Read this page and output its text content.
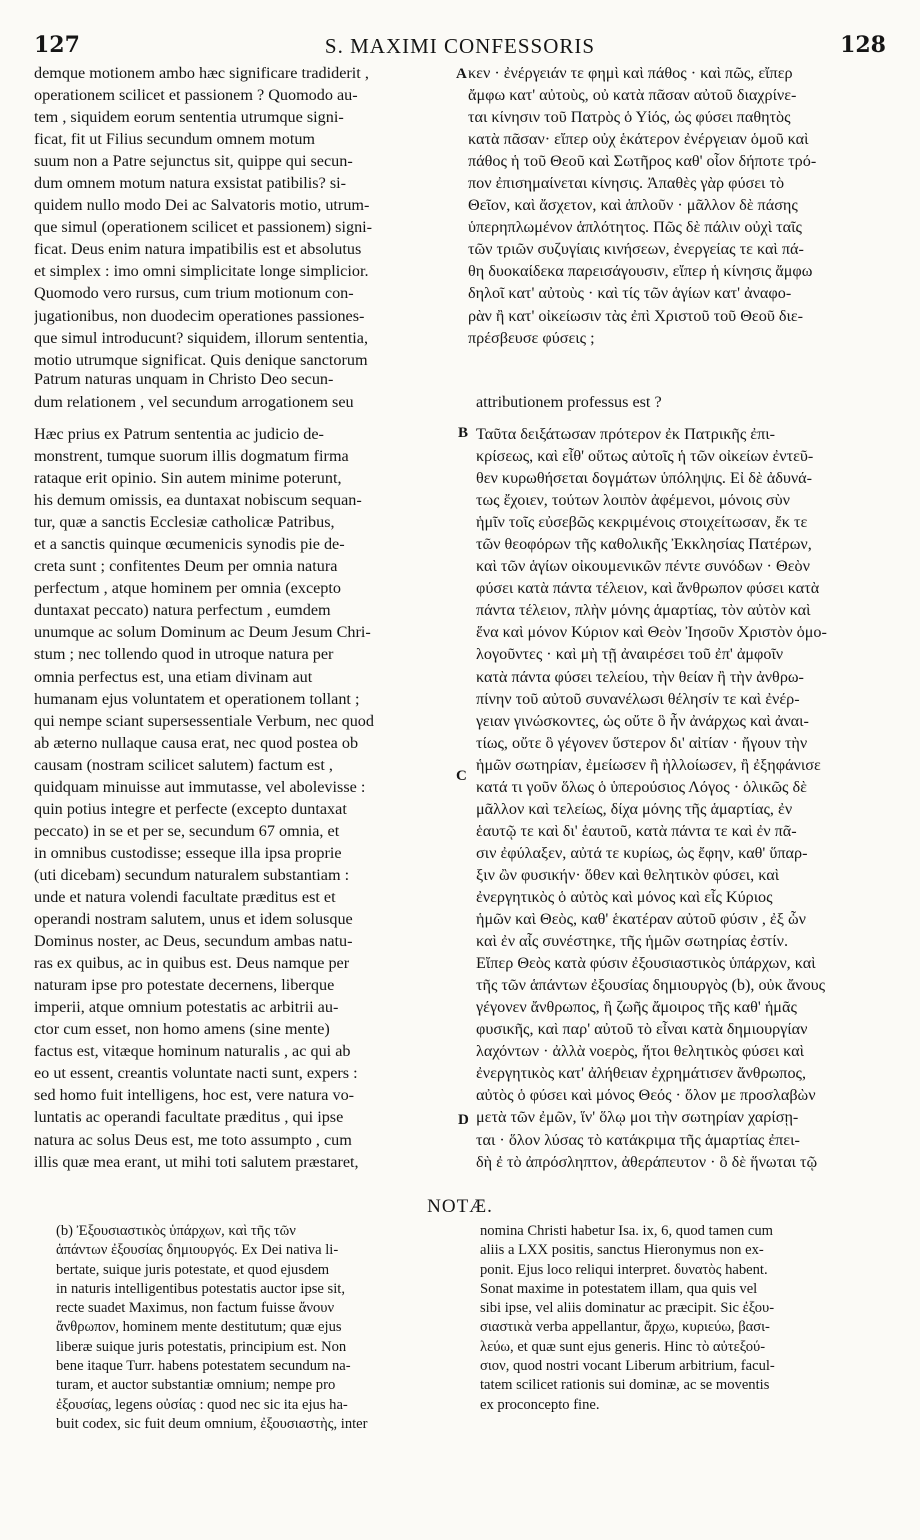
127	S. MAXIMI CONFESSORIS	128
demque motionem ambo hæc significare tradiderit ,
operationem scilicet et passionem ? Quomodo au-
tem , siquidem eorum sententia utrumque signi-
ficat, fit ut Filius secundum omnem motum
suum non a Patre sejunctus sit, quippe qui secun-
dum omnem motum natura exsistat patibilis? si-
quidem nullo modo Dei ac Salvatoris motio, utrum-
que simul (operationem scilicet et passionem) signi-
ficat. Deus enim natura impatibilis est et absolutus
et simplex : imo omni simplicitate longe simplicior.
Quomodo vero rursus, cum trium motionum con-
jugationibus, non duodecim operationes passiones-
que simul introducunt? siquidem, illorum sententia,
motio utrumque significat. Quis denique sanctorum
κεν · ἐνέργειάν τε φημὶ καὶ πάθος · καὶ πῶς, εἴπερ
ἄμφω κατ' αὐτοὺς, οὐ κατὰ πᾶσαν αὐτοῦ διαχρίνε-
ται κίνησιν τοῦ Πατρὸς ὁ Υἱός, ὡς φύσει παθητὸς
κατὰ πᾶσαν· εἴπερ οὐχ ἑκάτερον ἐνέργειαν ὁμοῦ καὶ
πάθος ἡ τοῦ Θεοῦ καὶ Σωτῆρος καθ' οἷον δήποτε τρό-
πον ἐπισημαίνεται κίνησις. Ἀπαθὲς γὰρ φύσει τὸ
Θεῖον, καὶ ἄσχετον, καὶ ἁπλοῦν · μᾶλλον δὲ πάσης
ὑπερηπλωμένον ἁπλότητος. Πῶς δὲ πάλιν οὐχὶ ταῖς
τῶν τριῶν συζυγίαις κινήσεων, ἐνεργείας τε καὶ πά-
θη δυοκαίδεκα παρεισάγουσιν, εἴπερ ἡ κίνησις ἄμφω
δηλοῖ κατ' αὐτοὺς · καὶ τίς τῶν ἁγίων κατ' ἀναφο-
ρὰν ἢ κατ' οἰκείωσιν τὰς ἐπὶ Χριστοῦ τοῦ Θεοῦ διε-
πρέσβευσε φύσεις ;
A
Patrum naturas unquam in Christo Deo secun-
dum relationem , vel secundum arrogationem seu	attributionem professus est ?
B
C
D
Hæc prius ex Patrum sententia ac judicio de-
monstrent, tumque suorum illis dogmatum firma
rataque erit opinio. Sin autem minime poterunt,
his demum omissis, ea duntaxat nobiscum sequan-
tur, quæ a sanctis Ecclesiæ catholicæ Patribus,
et a sanctis quinque œcumenicis synodis pie de-
creta sunt ; confitentes Deum per omnia natura
perfectum , atque hominem per omnia (excepto
duntaxat peccato) natura perfectum , eumdem
unumque ac solum Dominum ac Deum Jesum Chri-
stum ; nec tollendo quod in utroque natura per
omnia perfectus est, una etiam divinam aut
humanam ejus voluntatem et operationem tollant ;
qui nempe sciant supersessentiale Verbum, nec quod
ab æterno nullaque causa erat, nec quod postea ob
causam (nostram scilicet salutem) factum est ,
quidquam minuisse aut immutasse, vel abolevisse :
quin potius integre et perfecte (excepto duntaxat
peccato) in se et per se, secundum 67 omnia, et
in omnibus custodisse; esseque illa ipsa proprie
(uti dicebam) secundum naturalem substantiam :
unde et natura volendi facultate præditus est et
operandi nostram salutem, unus et idem solusque
Dominus noster, ac Deus, secundum ambas natu-
ras ex quibus, ac in quibus est. Deus namque per
naturam ipse pro potestate decernens, liberque
imperii, atque omnium potestatis ac arbitrii au-
ctor cum esset, non homo amens (sine mente)
factus est, vitæque hominum naturalis , ac qui ab
eo ut essent, creantis voluntate nacti sunt, expers :
sed homo fuit intelligens, hoc est, vere natura vo-
luntatis ac operandi facultate præditus , qui ipse
natura ac solus Deus est, me toto assumpto , cum
illis quæ mea erant, ut mihi toti salutem præstaret,
Ταῦτα δειξάτωσαν πρότερον ἐκ Πατρικῆς ἐπι-
κρίσεως, καὶ εἶθ' οὕτως αὐτοῖς ἡ τῶν οἰκείων ἐντεῦ-
θεν κυρωθήσεται δογμάτων ὑπόληψις. Εἰ δὲ ἀδυνά-
τως ἔχοιεν, τούτων λοιπὸν ἀφέμενοι, μόνοις σὺν
ἡμῖν τοῖς εὐσεβῶς κεκριμένοις στοιχείτωσαν, ἔκ τε
τῶν θεοφόρων τῆς καθολικῆς Ἐκκλησίας Πατέρων,
καὶ τῶν ἁγίων οἰκουμενικῶν πέντε συνόδων · Θεὸν
φύσει κατὰ πάντα τέλειον, καὶ ἄνθρωπον φύσει κατὰ
πάντα τέλειον, πλὴν μόνης ἁμαρτίας, τὸν αὐτὸν καὶ
ἕνα καὶ μόνον Κύριον καὶ Θεὸν Ἰησοῦν Χριστὸν ὁμο-
λογοῦντες · καὶ μὴ τῇ ἀναιρέσει τοῦ ἐπ' ἀμφοῖν
κατὰ πάντα φύσει τελείου, τὴν θείαν ἢ τὴν ἀνθρω-
πίνην τοῦ αὐτοῦ συνανέλωσι θέλησίν τε καὶ ἐνέρ-
γειαν γινώσκοντες, ὡς οὔτε ὃ ἦν ἀνάρχως καὶ ἀναι-
τίως, οὔτε ὃ γέγονεν ὕστερον δι' αἰτίαν · ἤγουν τὴν
ἡμῶν σωτηρίαν, ἐμείωσεν ἢ ἠλλοίωσεν, ἢ ἐξηφάνισε
κατά τι γοῦν ὅλως ὁ ὑπερούσιος Λόγος · ὁλικῶς δὲ
μᾶλλον καὶ τελείως, δίχα μόνης τῆς ἁμαρτίας, ἐν
ἑαυτῷ τε καὶ δι' ἑαυτοῦ, κατὰ πάντα τε καὶ ἐν πᾶ-
σιν ἐφύλαξεν, αὐτά τε κυρίως, ὡς ἔφην, καθ' ὕπαρ-
ξιν ὢν φυσικήν· ὅθεν καὶ θελητικὸν φύσει, καὶ
ἐνεργητικὸς ὁ αὐτὸς καὶ μόνος καὶ εἷς Κύριος
ἡμῶν καὶ Θεὸς, καθ' ἑκατέραν αὐτοῦ φύσιν , ἐξ ὧν
καὶ ἐν αἷς συνέστηκε, τῆς ἡμῶν σωτηρίας ἐστίν.
Εἴπερ Θεὸς κατὰ φύσιν ἐξουσιαστικὸς ὑπάρχων, καὶ
τῆς τῶν ἁπάντων ἐξουσίας δημιουργὸς (b), οὐκ ἄνους
γέγονεν ἄνθρωπος, ἢ ζωῆς ἄμοιρος τῆς καθ' ἡμᾶς
φυσικῆς, καὶ παρ' αὐτοῦ τὸ εἶναι κατὰ δημιουργίαν
λαχόντων · ἀλλὰ νοερὸς, ἤτοι θελητικὸς φύσει καὶ
ἐνεργητικὸς κατ' ἀλήθειαν ἐχρημάτισεν ἄνθρωπος,
αὐτὸς ὁ φύσει καὶ μόνος Θεός · ὅλον με προσλαβὼν
μετὰ τῶν ἐμῶν, ἵν' ὅλῳ μοι τὴν σωτηρίαν χαρίσῃ-
ται · ὅλον λύσας τὸ κατάκριμα τῆς ἁμαρτίας ἐπει-
δὴ ἐ τὸ ἀπρόσληπτον, ἀθεράπευτον · ὃ δὲ ἥνωται τῷ
NOTÆ.
(b) Ἐξουσιαστικὸς ὑπάρχων, καὶ τῆς τῶν
ἁπάντων ἐξουσίας δημιουργός. Ex Dei nativa li-
bertate, suique juris potestate, et quod ejusdem
in naturis intelligentibus potestatis auctor ipse sit,
recte suadet Maximus, non factum fuisse ἄνουν
ἄνθρωπον, hominem mente destitutum; quæ ejus
liberæ suique juris potestatis, principium est. Non
bene itaque Turr. habens potestatem secundum na-
turam, et auctor substantiæ omnium; nempe pro
ἐξουσίας, legens οὐσίας : quod nec sic ita ejus ha-
buit codex, sic fuit deum omnium, ἐξουσιαστὴς, inter
nomina Christi habetur Isa. ix, 6, quod tamen cum
aliis a LXX positis, sanctus Hieronymus non ex-
ponit. Ejus loco reliqui interpret. δυνατὸς habent.
Sonat maxime in potestatem illam, qua quis vel
sibi ipse, vel aliis dominatur ac præcipit. Sic ἐξου-
σιαστικὰ verba appellantur, ἄρχω, κυριεύω, βασι-
λεύω, et quæ sunt ejus generis. Hinc τὸ αὐτεξού-
σιον, quod nostri vocant Liberum arbitrium, facul-
tatem scilicet rationis sui dominæ, ac se moventis
ex proconcepto fine.
